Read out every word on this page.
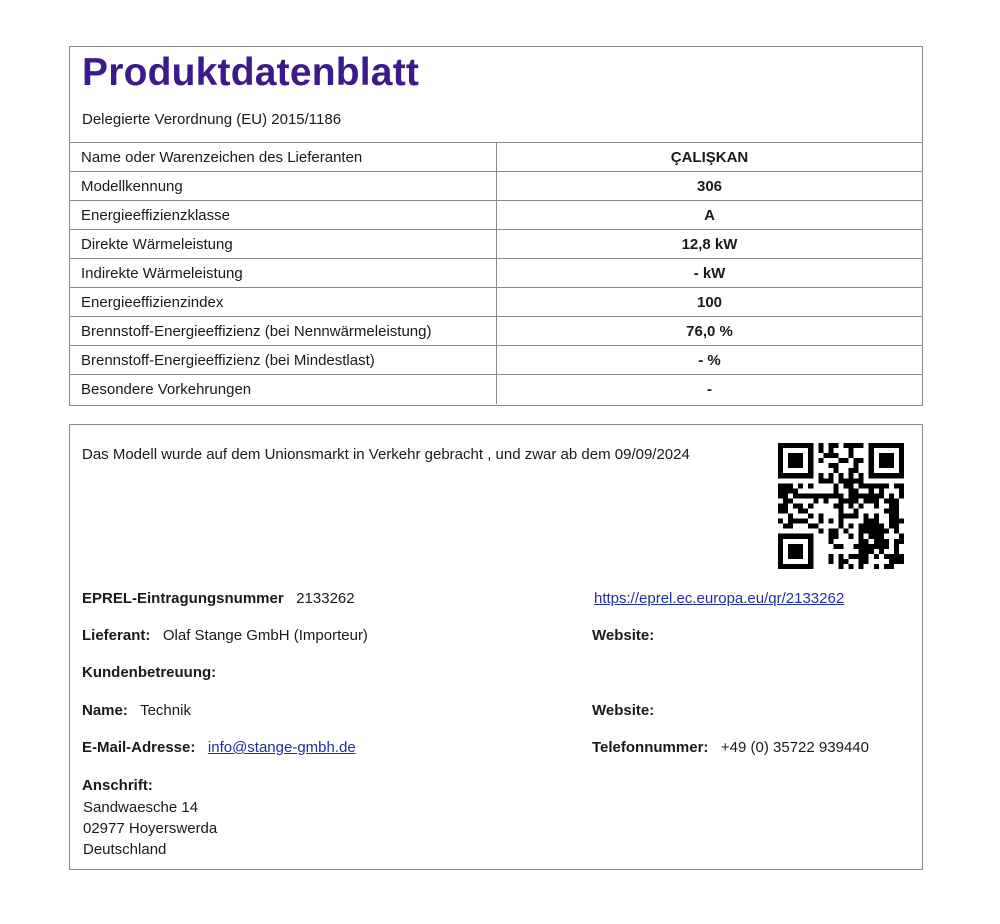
Produktdatenblatt
Delegierte Verordnung (EU) 2015/1186
Name oder Warenzeichen des Lieferanten	ÇALIŞKAN
Modellkennung	306
Energieeffizienzklasse	A
Direkte Wärmeleistung	12,8 kW
Indirekte Wärmeleistung	- kW
Energieeffizienzindex	100
Brennstoff-Energieeffizienz (bei Nennwärmeleistung)	76,0 %
Brennstoff-Energieeffizienz (bei Mindestlast)	- %
Besondere Vorkehrungen	-
Das Modell wurde auf dem Unionsmarkt in Verkehr gebracht , und zwar ab dem 09/09/2024
EPREL-Eintragungsnummer 2133262	https://eprel.ec.europa.eu/qr/2133262
Lieferant: Olaf Stange GmbH (Importeur)	Website:
Kundenbetreuung:
Name: Technik	Website:
E-Mail-Adresse: info@stange-gmbh.de	Telefonnummer: +49 (0) 35722 939440
Anschrift:
Sandwaesche 14
02977 Hoyerswerda
Deutschland
